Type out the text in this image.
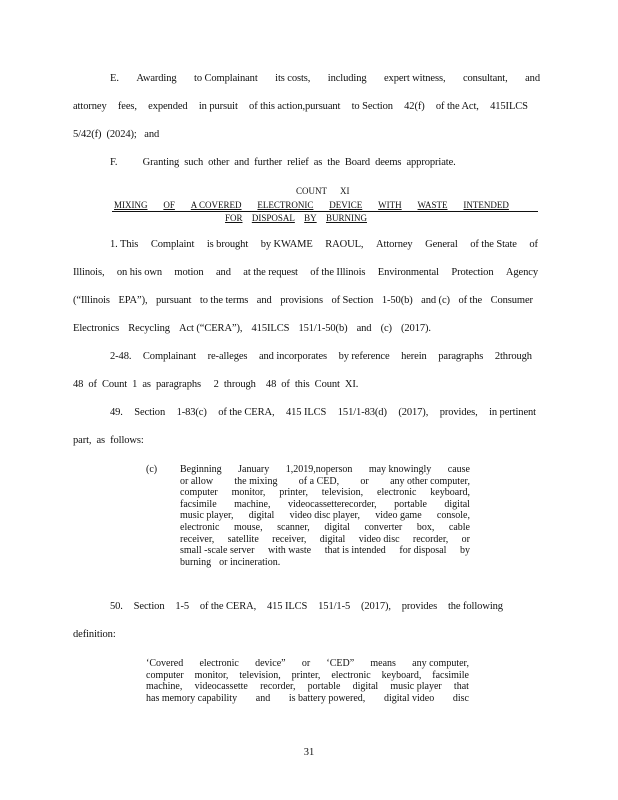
E. Awarding to Complainant its costs, including expert witness, consultant, and
attorney fees, expended in pursuit of this action,pursuant to Section 42(f) of the Act, 415ILCS
5/42(f)  (2024);   and
F.          Granting  such  other  and  further  relief  as  the  Board  deems  appropriate.
COUNT XI
MIXING OF A COVERED ELECTRONIC DEVICE WITH WASTE INTENDED
FOR DISPOSAL BY BURNING
1. This Complaint is brought by KWAME RAOUL, Attorney General of the State of
Illinois, on his own motion and at the request of the Illinois Environmental Protection Agency
(“Illinois EPA”), pursuant to the terms and provisions of Section 1-50(b) and (c) of the Consumer
Electronics Recycling Act (“CERA”), 415ILCS 151/1-50(b) and (c) (2017).
2-48. Complainant re-alleges and incorporates by reference herein paragraphs 2through
48  of  Count  1  as  paragraphs     2  through    48  of  this  Count  XI.
49. Section 1-83(c) of the CERA, 415 ILCS 151/1-83(d) (2017), provides, in pertinent
part,  as  follows:
(c) Beginning January 1,2019,noperson may knowingly cause
or allow the mixing of a CED, or any other computer,
computer monitor, printer, television, electronic keyboard,
facsimile machine, videocassetterecorder, portable digital
music player, digital video disc player, video game console,
electronic mouse, scanner, digital converter box, cable
receiver, satellite receiver, digital video disc recorder, or
small -scale server with waste that is intended for disposal by
burning or incineration.
50. Section 1-5 of the CERA, 415 ILCS 151/1-5 (2017), provides the following
definition:
‘Covered electronic device” or ‘CED” means any computer,
computer monitor, television, printer, electronic keyboard, facsimile
machine, videocassette recorder, portable digital music player that
has memory capability and is battery powered, digital video disc
31
